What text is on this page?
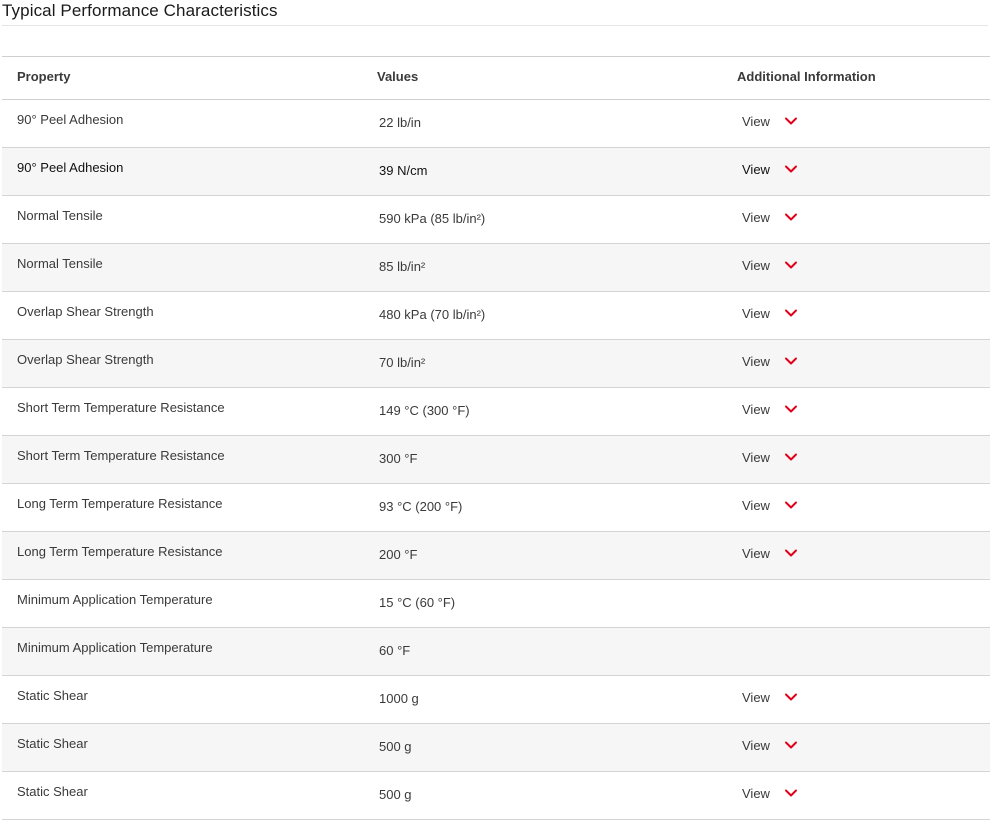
Typical Performance Characteristics
Property	Values	Additional Information
90° Peel Adhesion	22 lb/in	View
90° Peel Adhesion	39 N/cm	View
Normal Tensile	590 kPa (85 lb/in²)	View
Normal Tensile	85 lb/in²	View
Overlap Shear Strength	480 kPa (70 lb/in²)	View
Overlap Shear Strength	70 lb/in²	View
Short Term Temperature Resistance	149 °C (300 °F)	View
Short Term Temperature Resistance	300 °F	View
Long Term Temperature Resistance	93 °C (200 °F)	View
Long Term Temperature Resistance	200 °F	View
Minimum Application Temperature	15 °C (60 °F)
Minimum Application Temperature	60 °F
Static Shear	1000 g	View
Static Shear	500 g	View
Static Shear	500 g	View
